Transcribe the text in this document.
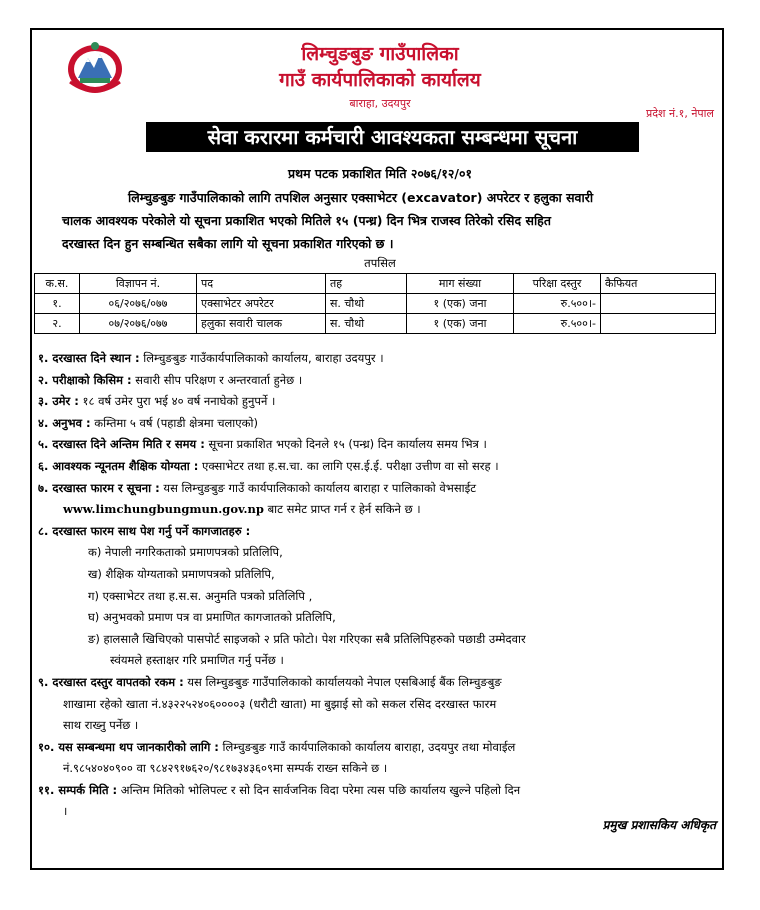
लिम्चुङबुङ गाउँपालिका
गाउँ कार्यपालिकाको कार्यालय
बाराहा, उदयपुर
प्रदेश नं.१, नेपाल
सेवा करारमा कर्मचारी आवश्यकता सम्बन्धमा सूचना
प्रथम पटक प्रकाशित मिति २०७६/१२/०१
लिम्चुङबुङ गाउँपालिकाको लागि तपशिल अनुसार एक्साभेटर (excavator) अपरेटर र हलुका सवारी
चालक आवश्यक परेकोले यो सूचना प्रकाशित भएको मितिले १५ (पन्ध्र) दिन भित्र राजस्व तिरेको रसिद सहित
दरखास्त दिन हुन सम्बन्धित सबैका लागि यो सूचना प्रकाशित गरिएको छ ।
तपसिल
क.स.	विज्ञापन नं.	पद	तह	माग संख्या	परिक्षा दस्तुर	कैफियत
१.	०६/२०७६/०७७	एक्साभेटर अपरेटर	स. चौथो	१ (एक) जना	रु.५००।-	
२.	०७/२०७६/०७७	हलुका सवारी चालक	स. चौथो	१ (एक) जना	रु.५००।-	
१. दरखास्त दिने स्थान : लिम्चुङबुङ गाउँकार्यपालिकाको कार्यालय, बाराहा उदयपुर ।
२. परीक्षाको किसिम : सवारी सीप परिक्षण र अन्तरवार्ता हुनेछ ।
३. उमेर : १८ वर्ष उमेर पुरा भई ४० वर्ष ननाघेको हुनुपर्ने ।
४. अनुभव : कम्तिमा ५ वर्ष (पहाडी क्षेत्रमा चलाएको)
५. दरखास्त दिने अन्तिम मिति र समय : सूचना प्रकाशित भएको दिनले १५ (पन्ध्र) दिन कार्यालय समय भित्र ।
६. आवश्यक न्यूनतम शैक्षिक योग्यता : एक्साभेटर तथा ह.स.चा. का लागि एस.ई.ई. परीक्षा उत्तीण वा सो सरह ।
७. दरखास्त फारम र सूचना : यस लिम्चुङबुङ गाउँ कार्यपालिकाको कार्यालय बाराहा र पालिकाको वेभसाईट
www.limchungbungmun.gov.np बाट समेट प्राप्त गर्न र हेर्न सकिने छ ।
८. दरखास्त फारम साथ पेश गर्नु पर्ने कागजातहरु :
क) नेपाली नगरिकताको प्रमाणपत्रको प्रतिलिपि,
ख) शैक्षिक योग्यताको प्रमाणपत्रको प्रतिलिपि,
ग) एक्साभेटर तथा ह.स.स. अनुमति पत्रको प्रतिलिपि ,
घ) अनुभवको प्रमाण पत्र वा प्रमाणित कागजातको प्रतिलिपि,
ङ) हालसालै खिचिएको पासपोर्ट साइजको २ प्रति फोटो। पेश गरिएका सबै प्रतिलिपिहरुको पछाडी उम्मेदवार
स्वंयमले हस्ताक्षर गरि प्रमाणित गर्नु पर्नेछ ।
९. दरखास्त दस्तुर वापतको रकम : यस लिम्चुङबुङ गाउँपालिकाको कार्यालयको नेपाल एसबिआई बैंक लिम्चुङबुङ
शाखामा रहेको खाता नं.४३२२५२४०६००००३ (धरौटी खाता) मा बुझाई सो को सकल रसिद दरखास्त फारम
साथ राख्नु पर्नेछ ।
१०. यस सम्बन्धमा थप जानकारीको लागि : लिम्चुङबुङ गाउँ कार्यपालिकाको कार्यालय बाराहा, उदयपुर तथा मोवाईल
नं.९८५४०४०९०० वा ९८४२९१७६२०/९८१७३४३६०९मा सम्पर्क राख्न सकिने छ ।
११. सम्पर्क मिति : अन्तिम मितिको भोलिपल्ट र सो दिन सार्वजनिक विदा परेमा त्यस पछि कार्यालय खुल्ने पहिलो दिन
।
प्रमुख प्रशासकिय अधिकृत
